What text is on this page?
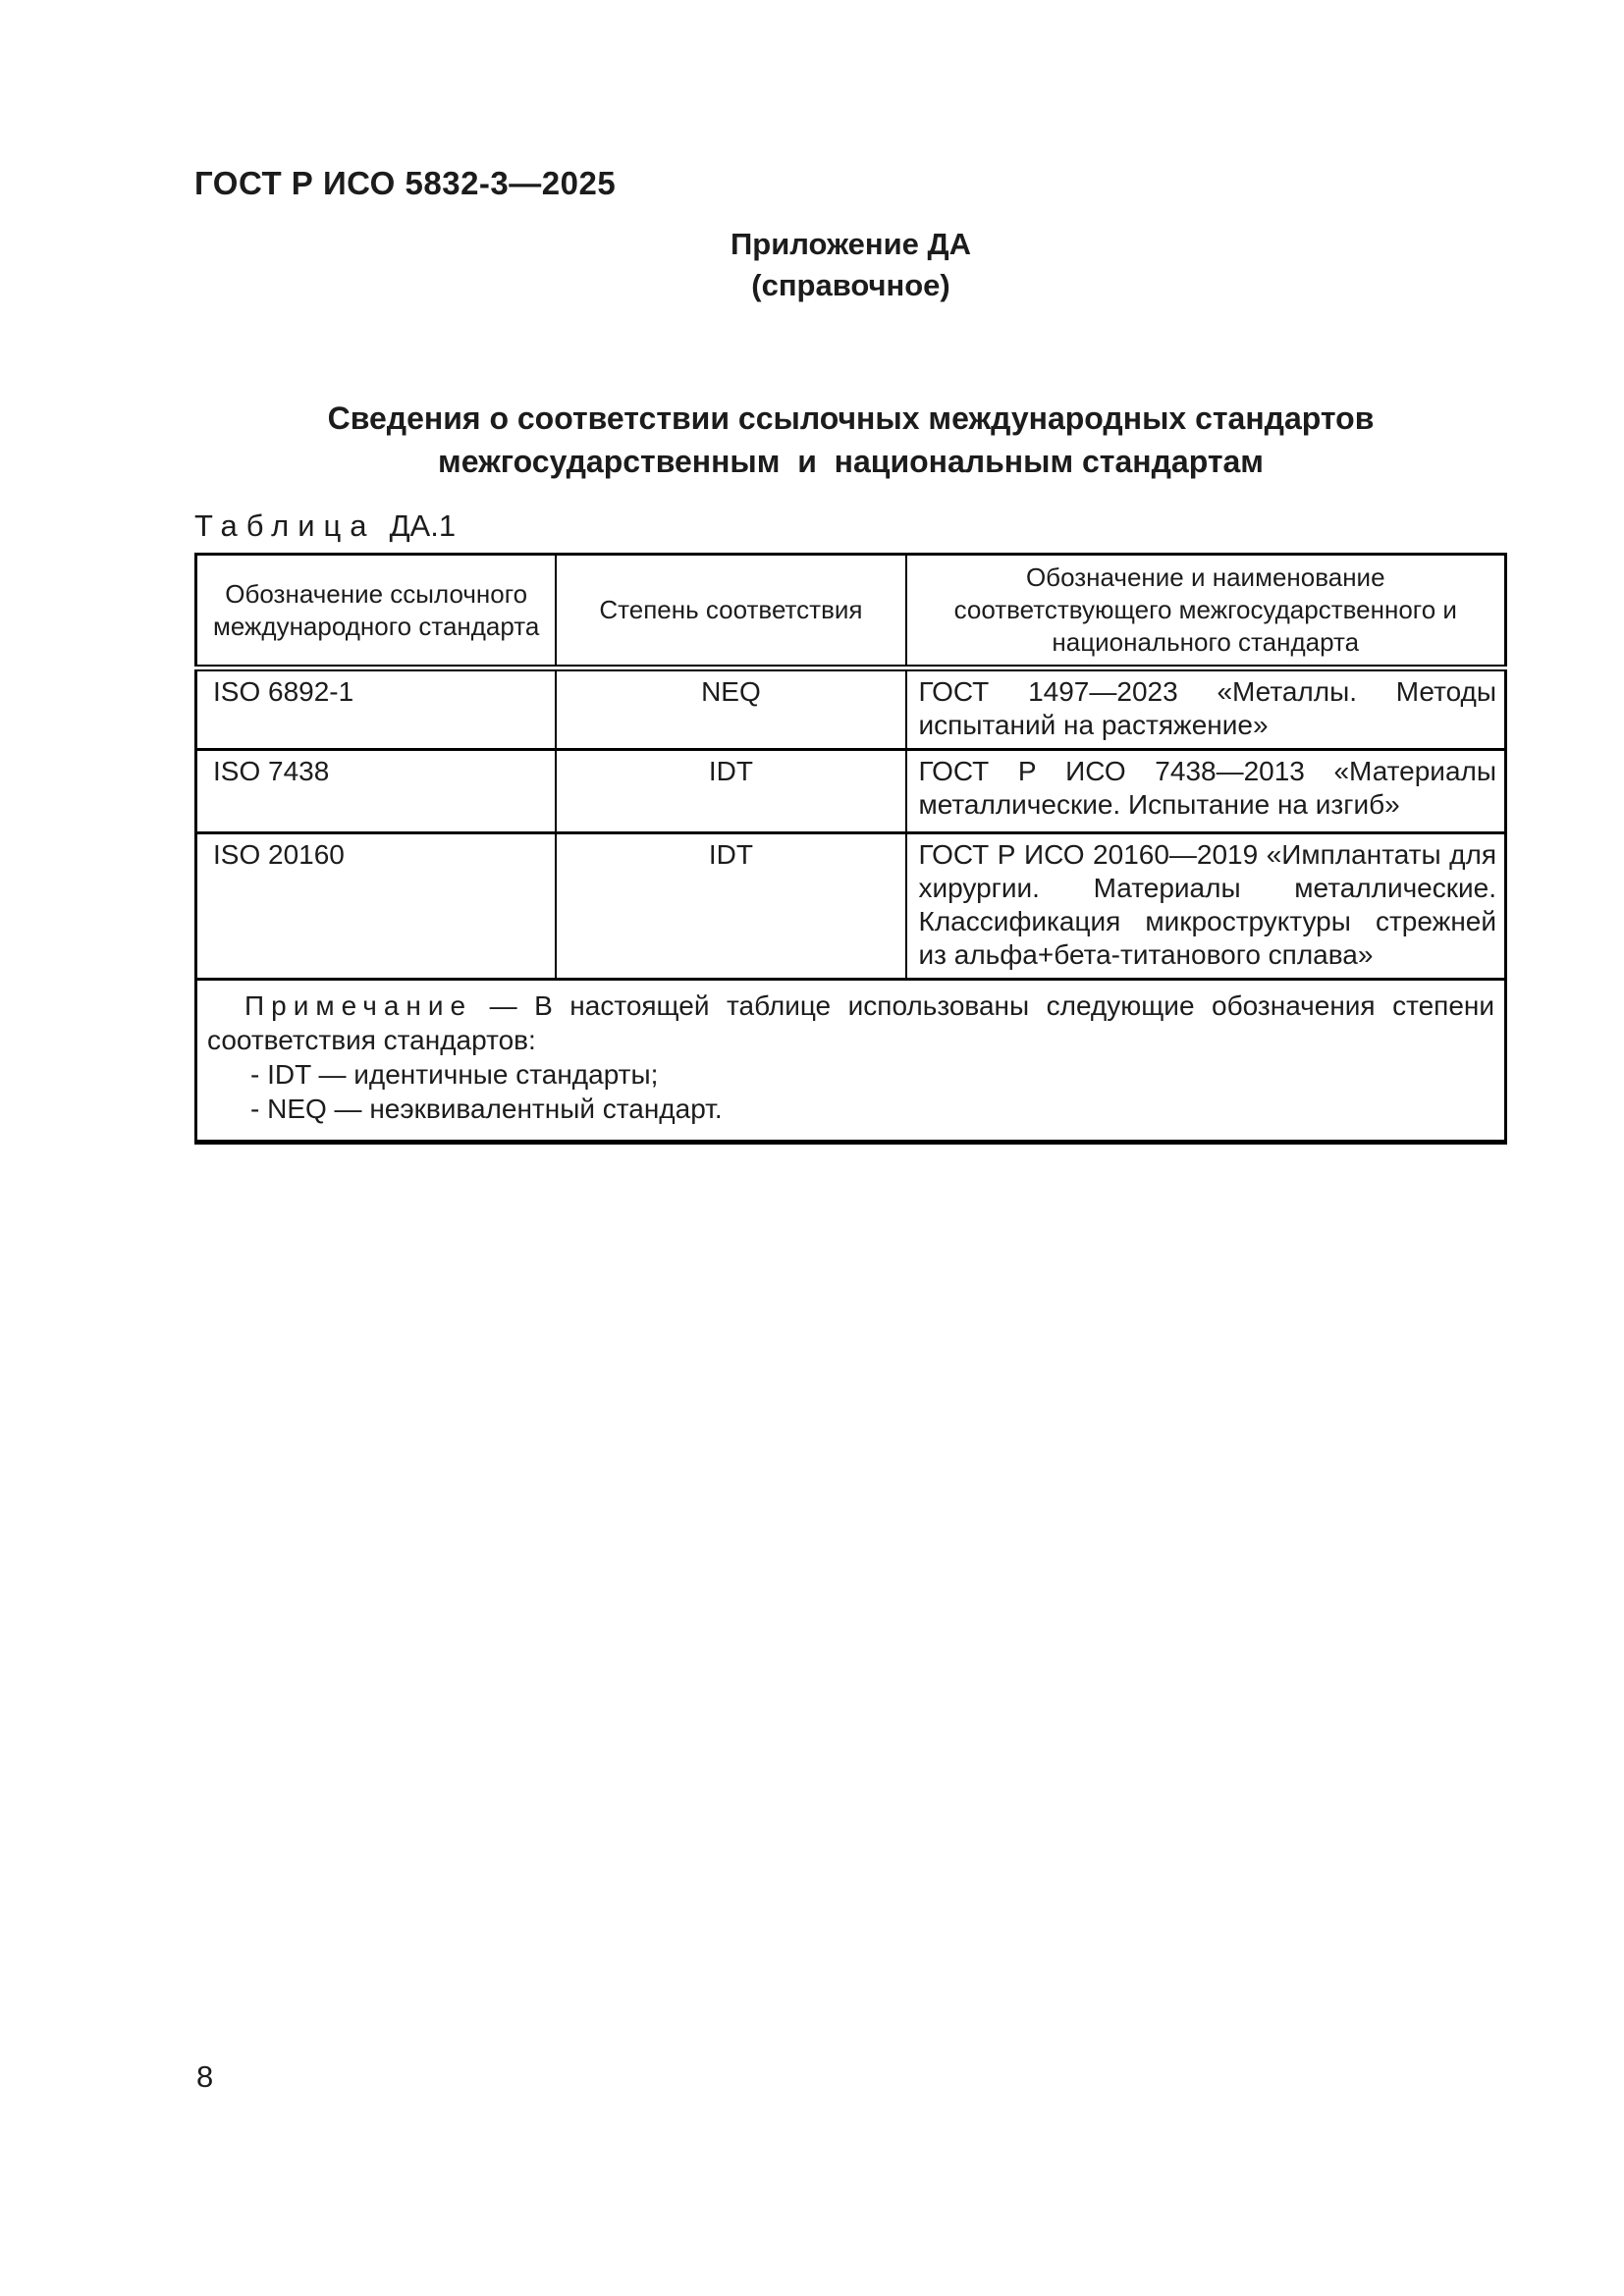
ГОСТ Р ИСО 5832-3—2025
Приложение ДА
(справочное)
Сведения о соответствии ссылочных международных стандартов
межгосударственным  и  национальным стандартам
Таблица ДА.1
Обозначение ссылочного международного стандарта	Степень соответствия	Обозначение и наименование соответствующего межгосударственного и национального стандарта
ISO 6892-1	NEQ	ГОСТ 1497—2023 «Металлы. Методы испытаний на растяжение»
ISO 7438	IDT	ГОСТ Р ИСО 7438—2013 «Материалы металлические. Испытание на изгиб»
ISO 20160	IDT	ГОСТ Р ИСО 20160—2019 «Имплантаты для хирургии. Материалы металлические. Классификация микроструктуры стрежней из альфа+бета-титанового сплава»

Примечание — В настоящей таблице использованы следующие обозначения степени соответствия стандартов:

- IDT — идентичные стандарты;
- NEQ — неэквивалентный стандарт.		
8
